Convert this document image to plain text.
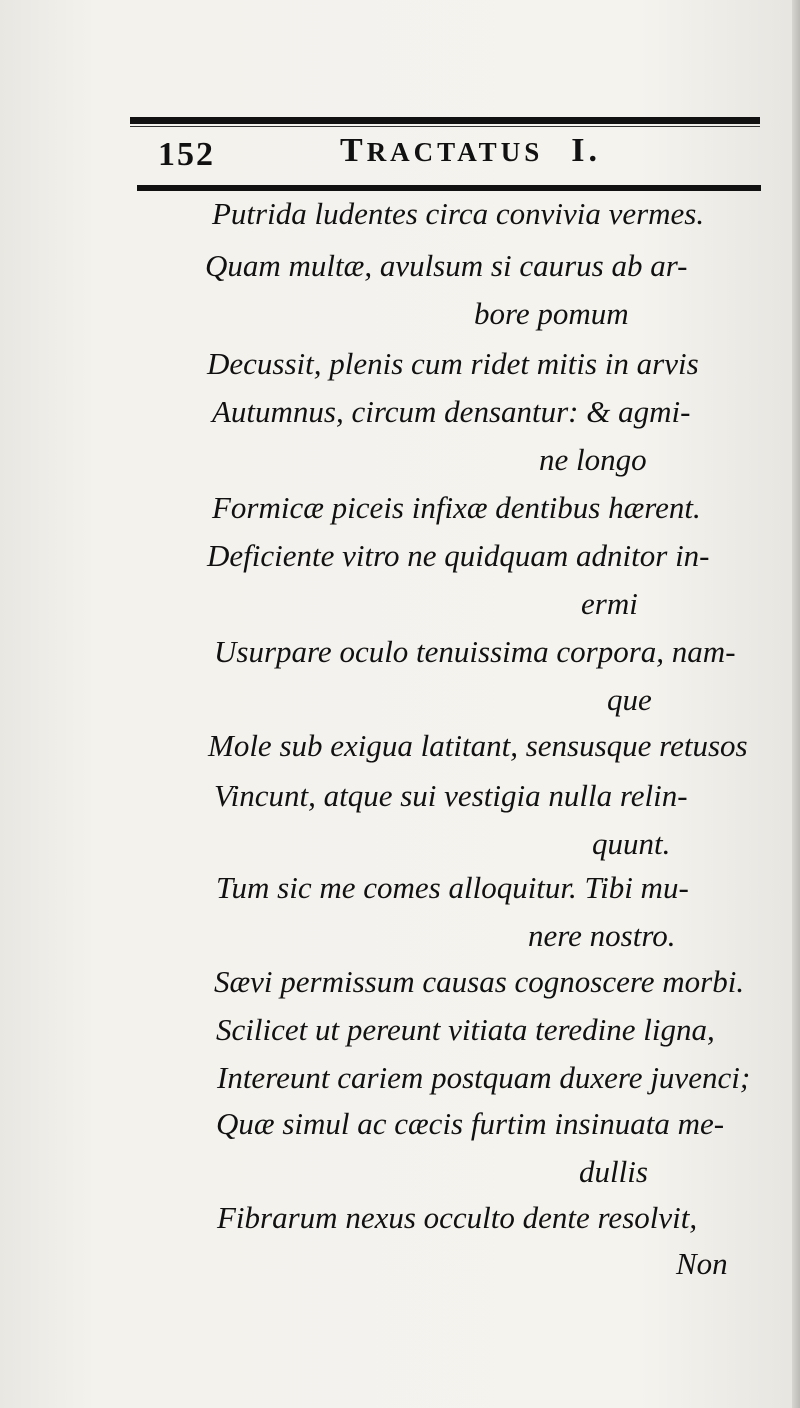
152	TRACTATUS I.
Putrida ludentes circa convivia vermes.
Quam multæ, avulsum si caurus ab ar-
bore pomum
Decussit, plenis cum ridet mitis in arvis
Autumnus, circum densantur: & agmi-
ne longo
Formicæ piceis infixæ dentibus hærent.
Deficiente vitro ne quidquam adnitor in-
ermi
Usurpare oculo tenuissima corpora, nam-
que
Mole sub exigua latitant, sensusque retusos
Vincunt, atque sui vestigia nulla relin-
quunt.
Tum sic me comes alloquitur. Tibi mu-
nere nostro.
Sævi permissum causas cognoscere morbi.
Scilicet ut pereunt vitiata teredine ligna,
Intereunt cariem postquam duxere juvenci;
Quæ simul ac cæcis furtim insinuata me-
dullis
Fibrarum nexus occulto dente resolvit,
Non
